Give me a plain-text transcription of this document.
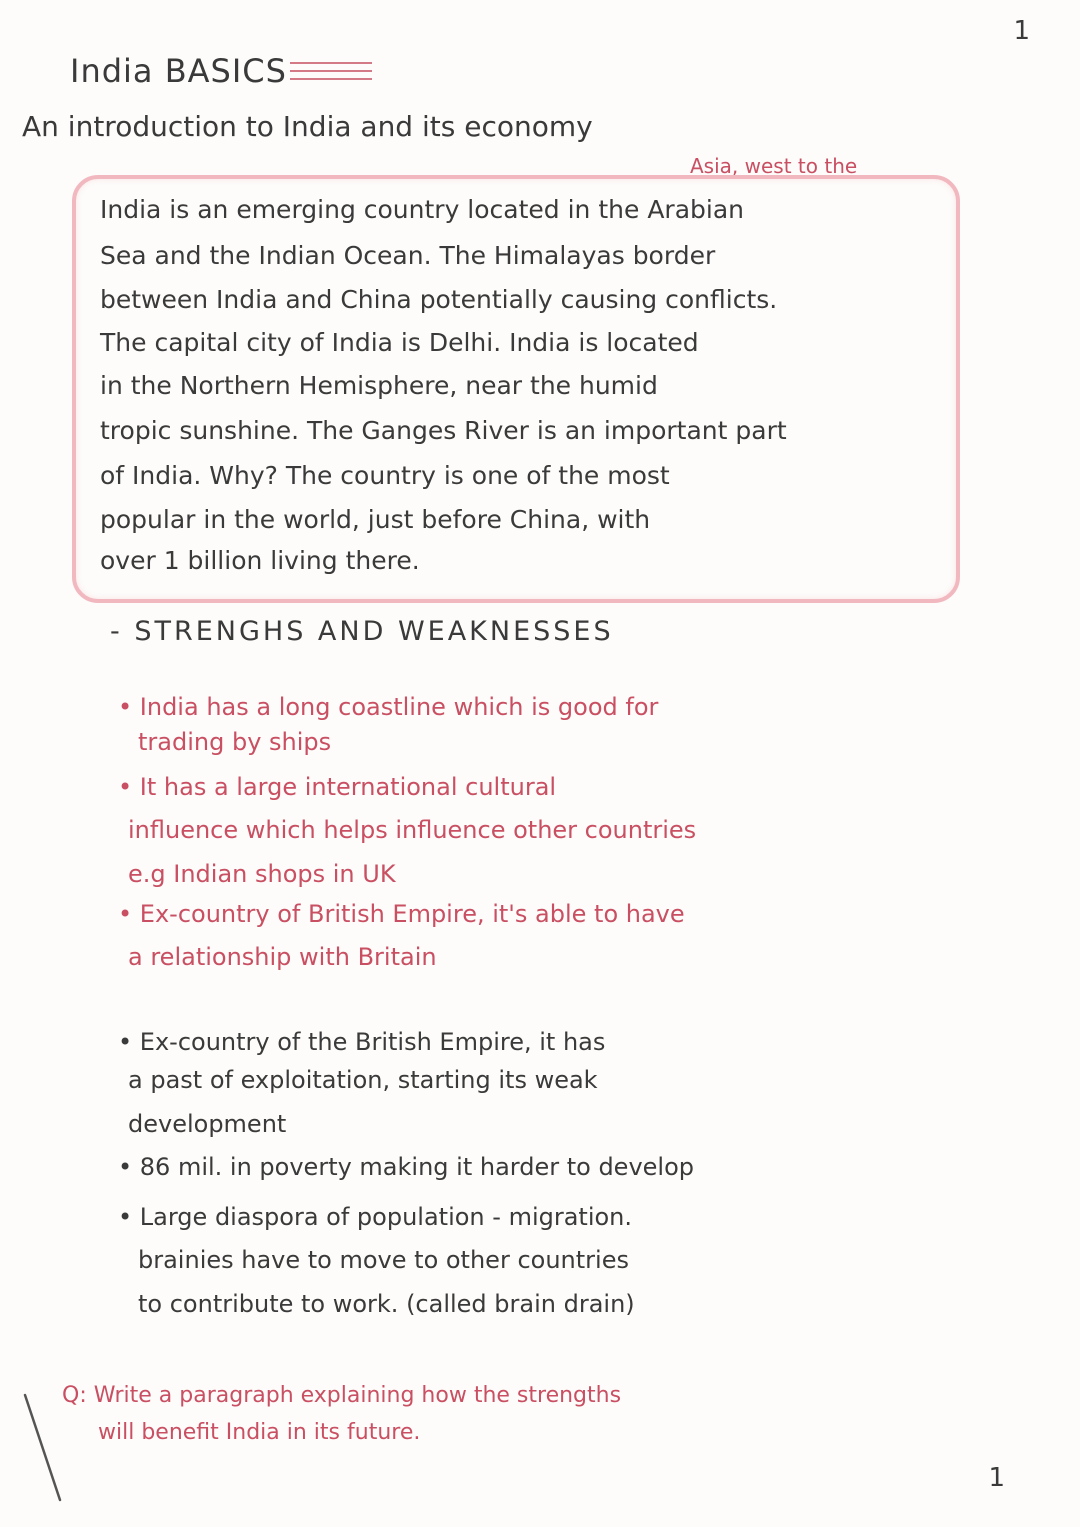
1
India BASICS
An introduction to India and its economy
Asia, west to the
India is an emerging country located in the Arabian
Sea and the Indian Ocean. The Himalayas border
between India and China potentially causing conflicts.
The capital city of India is Delhi. India is located
in the Northern Hemisphere, near the humid
tropic sunshine. The Ganges River is an important part
of India. Why? The country is one of the most
popular in the world, just before China, with
over 1 billion living there.
- STRENGHS AND WEAKNESSES
• India has a long coastline which is good for
trading by ships
• It has a large international cultural
influence which helps influence other countries
e.g Indian shops in UK
• Ex-country of British Empire, it's able to have
a relationship with Britain
• Ex-country of the British Empire, it has
a past of exploitation, starting its weak
development
• 86 mil. in poverty making it harder to develop
• Large diaspora of population - migration.
brainies have to move to other countries
to contribute to work. (called brain drain)
Q: Write a paragraph explaining how the strengths
will benefit India in its future.
1
